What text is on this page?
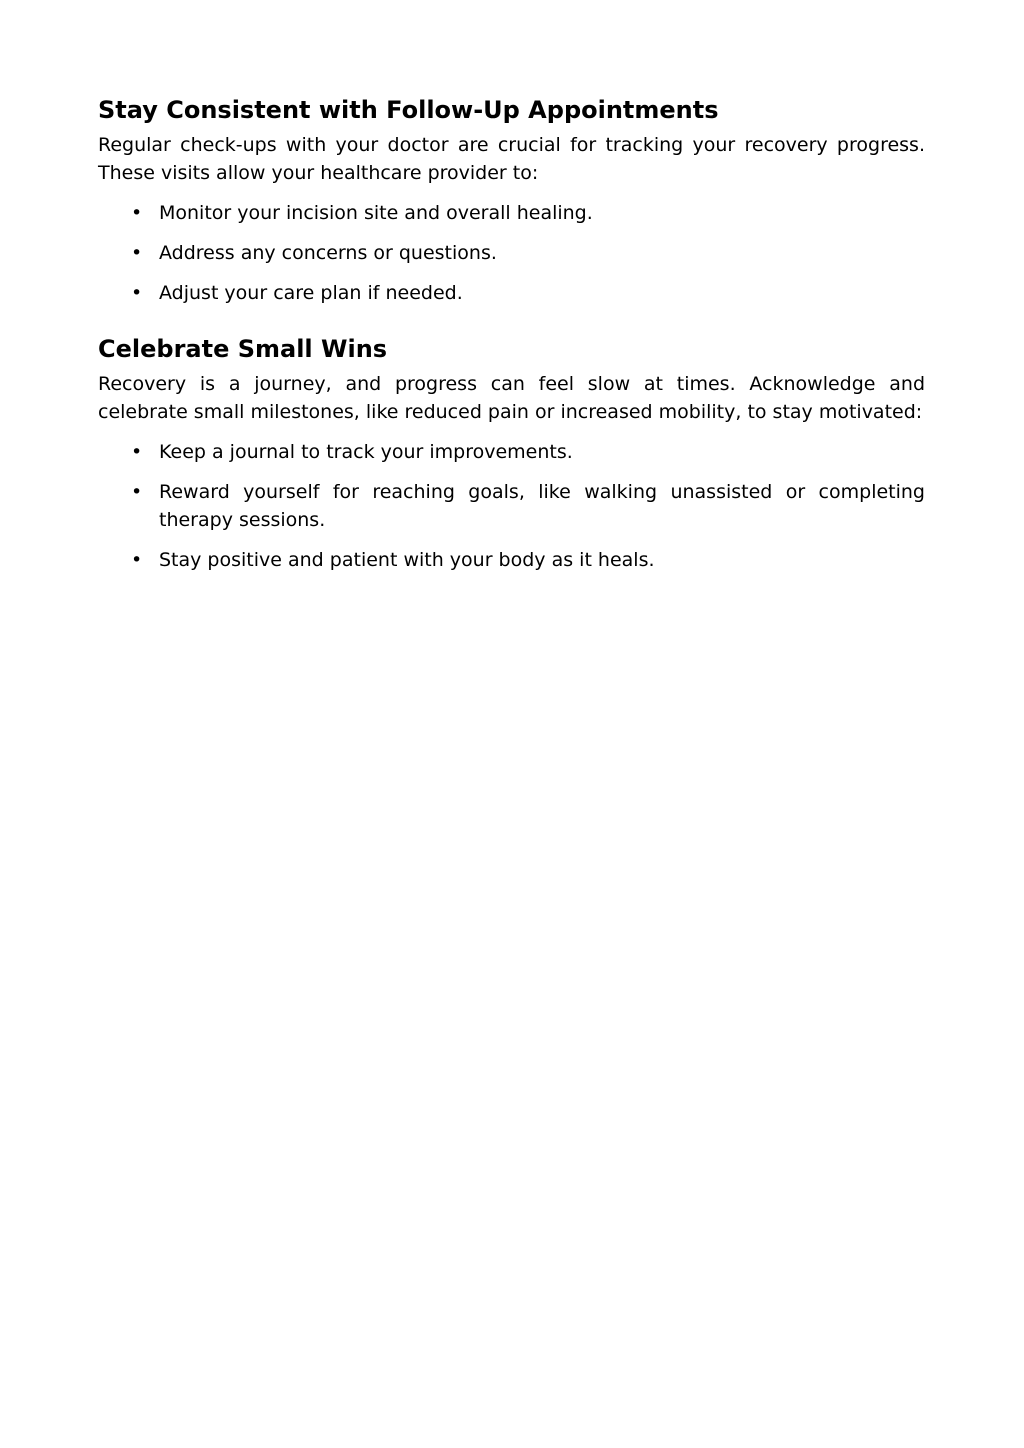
Stay Consistent with Follow-Up Appointments

Regular check-ups with your doctor are crucial for tracking your recovery progress. These visits allow your healthcare provider to:

• Monitor your incision site and overall healing.
• Address any concerns or questions.
• Adjust your care plan if needed.
Celebrate Small Wins

Recovery is a journey, and progress can feel slow at times. Acknowledge and celebrate small milestones, like reduced pain or increased mobility, to stay motivated:

• Keep a journal to track your improvements.
• Reward yourself for reaching goals, like walking unassisted or completing therapy sessions.
• Stay positive and patient with your body as it heals.
